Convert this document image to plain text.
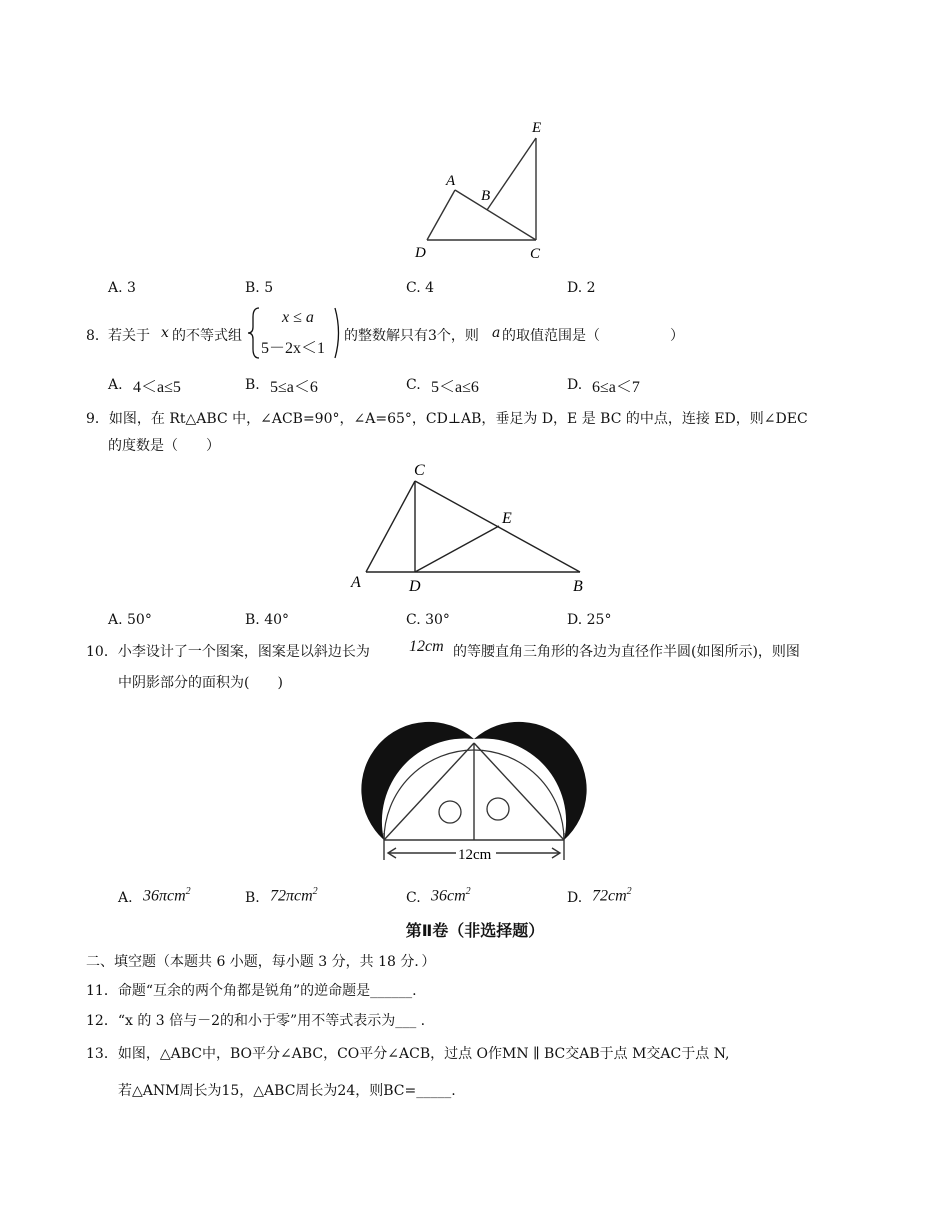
E
A
B
D	C
A. 3	B. 5	C. 4	D. 2
8． 若关于 x 的不等式组
x ≤ a
5－2x＜1
的整数解只有3个，则 a 的取值范围是（　　　　　）
A. 4＜a≤5	B. 5≤a＜6	C. 5＜a≤6	D. 6≤a＜7
9．如图，在 Rt△ABC 中，∠ACB=90°，∠A=65°，CD⊥AB，垂足为 D，E 是 BC 的中点，连接 ED，则∠DEC
的度数是（　　）
C
E
A	D	B
A. 50°	B. 40°	C. 30°	D. 25°
10．小李设计了一个图案，图案是以斜边长为 12cm 的等腰直角三角形的各边为直径作半圆(如图所示)，则图
中阴影部分的面积为(　　)
12cm
A. 36πcm$^2$	B. 72πcm$^2$	C. $36cm^2$	D. $72cm^2$
第Ⅱ卷（非选择题）
二、填空题（本题共 6 小题，每小题 3 分，共 18 分．）
11．命题“互余的两个角都是锐角”的逆命题是______.
12．“x 的 3 倍与－2的和小于零”用不等式表示为___ .
13．如图，△ABC中，BO平分∠ABC，CO平分∠ACB，过点 O作MN ∥ BC交AB于点 M交AC于点 N,
若△ANM周长为15，△ABC周长为24，则BC=_____.
